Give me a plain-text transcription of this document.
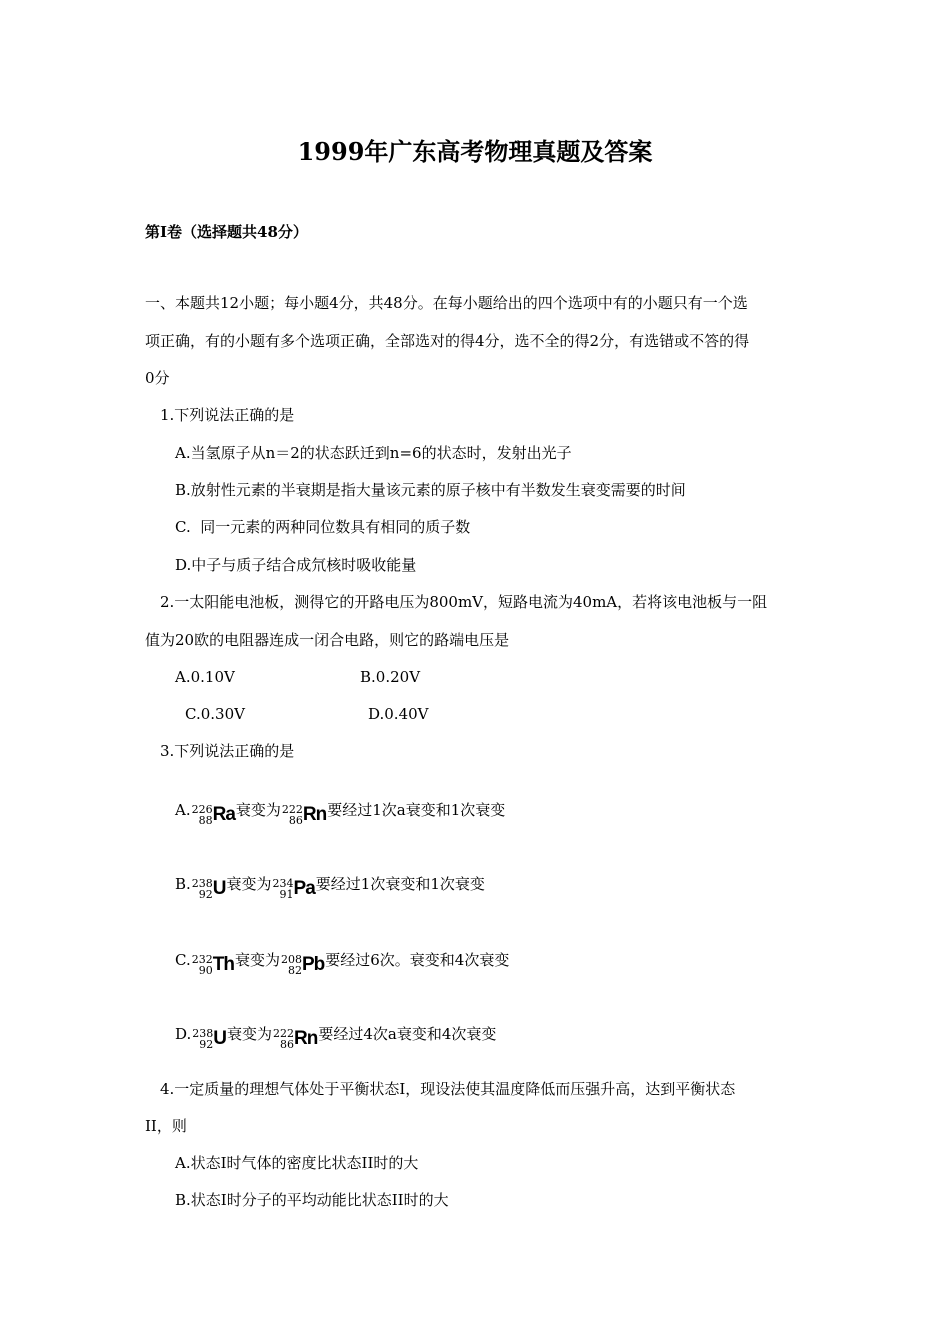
1999年广东高考物理真题及答案
第I卷（选择题共48分）
一、本题共12小题；每小题4分，共48分。在每小题给出的四个选项中有的小题只有一个选
项正确，有的小题有多个选项正确，全部选对的得4分，选不全的得2分，有选错或不答的得
0分
1.下列说法正确的是
A.当氢原子从n＝2的状态跃迁到n=6的状态时，发射出光子
B.放射性元素的半衰期是指大量该元素的原子核中有半数发生衰变需要的时间
C.  同一元素的两种同位数具有相同的质子数
D.中子与质子结合成氘核时吸收能量
2.一太阳能电池板，测得它的开路电压为800mV，短路电流为40mA，若将该电池板与一阻
值为20欧的电阻器连成一闭合电路，则它的路端电压是
A.0.10V	B.0.20V
C.0.30V	D.0.40V
3.下列说法正确的是
A. 226
88 Ra衰变为 222
86 Rn要经过1次a衰变和1次衰变
B. 238
92 U衰变为 234
91 Pa要经过1次衰变和1次衰变
C. 232
90 Th衰变为 208
82 Pb要经过6次。衰变和4次衰变
D. 238
92 U衰变为 222
86 Rn要经过4次a衰变和4次衰变
4.一定质量的理想气体处于平衡状态I，现设法使其温度降低而压强升高，达到平衡状态
II，则
A.状态I时气体的密度比状态II时的大
B.状态I时分子的平均动能比状态II时的大
